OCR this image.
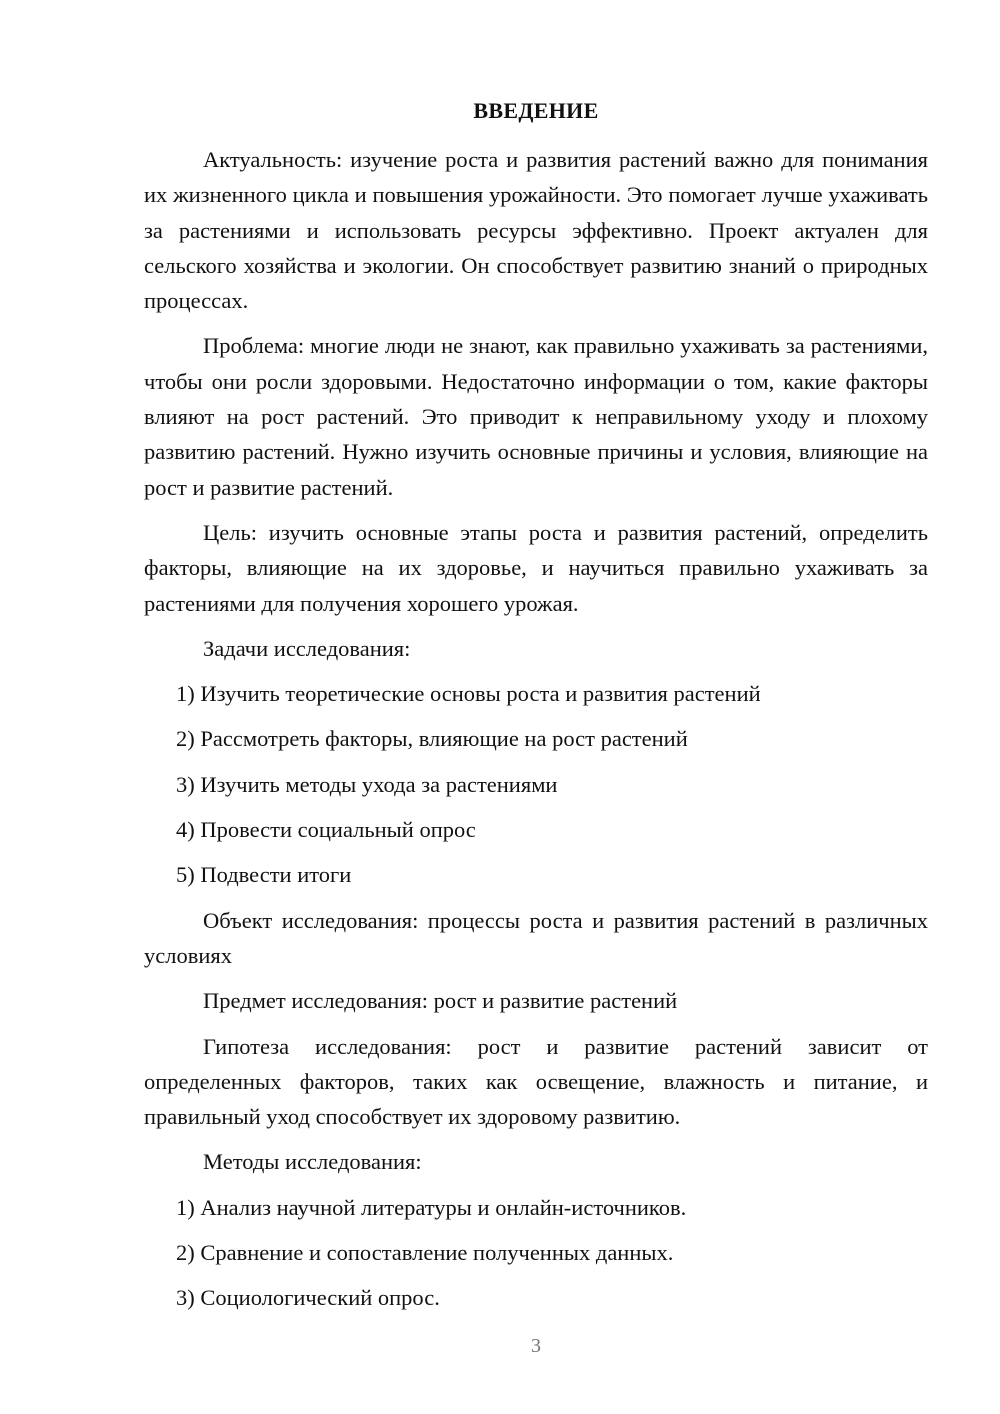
ВВЕДЕНИЕ

Актуальность: изучение роста и развития растений важно для понимания их жизненного цикла и повышения урожайности. Это помогает лучше ухаживать за растениями и использовать ресурсы эффективно. Проект актуален для сельского хозяйства и экологии. Он способствует развитию знаний о природных процессах.

Проблема: многие люди не знают, как правильно ухаживать за растениями, чтобы они росли здоровыми. Недостаточно информации о том, какие факторы влияют на рост растений. Это приводит к неправильному уходу и плохому развитию растений. Нужно изучить основные причины и условия, влияющие на рост и развитие растений.

Цель: изучить основные этапы роста и развития растений, определить факторы, влияющие на их здоровье, и научиться правильно ухаживать за растениями для получения хорошего урожая.

Задачи исследования:

1) Изучить теоретические основы роста и развития растений

2) Рассмотреть факторы, влияющие на рост растений

3) Изучить методы ухода за растениями

4) Провести социальный опрос

5) Подвести итоги

Объект исследования: процессы роста и развития растений в различных условиях

Предмет исследования: рост и развитие растений

Гипотеза исследования: рост и развитие растений зависит от определенных факторов, таких как освещение, влажность и питание, и правильный уход способствует их здоровому развитию.

Методы исследования:

1) Анализ научной литературы и онлайн-источников.

2) Сравнение и сопоставление полученных данных.

3) Социологический опрос.

3
